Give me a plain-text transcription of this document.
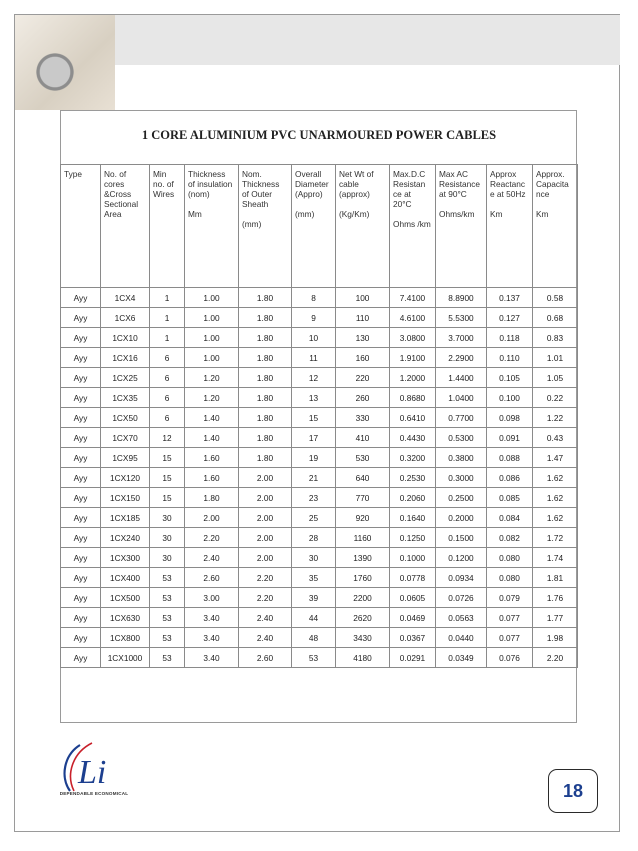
1 CORE ALUMINIUM PVC UNARMOURED POWER CABLES
Type	No. of
cores
&Cross
Sectional
Area	Min
no. of
Wires	Thickness
of insulation
(nom)
Mm	Nom.
Thickness
of Outer
Sheath
(mm)	Overall
Diameter
(Appro)
(mm)	Net Wt of
cable
(approx)
(Kg/Km)	Max.D.C
Resistan
ce at
20°C
Ohms /km	Max AC
Resistance
at 90°C
Ohms/km	Approx
Reactanc
e at 50Hz
Km	Approx.
Capacita
nce
Km

Ayy	1CX4	1	1.00	1.80	8	100	7.4100	8.8900	0.137	0.58
Ayy	1CX6	1	1.00	1.80	9	110	4.6100	5.5300	0.127	0.68
Ayy	1CX10	1	1.00	1.80	10	130	3.0800	3.7000	0.118	0.83
Ayy	1CX16	6	1.00	1.80	11	160	1.9100	2.2900	0.110	1.01
Ayy	1CX25	6	1.20	1.80	12	220	1.2000	1.4400	0.105	1.05
Ayy	1CX35	6	1.20	1.80	13	260	0.8680	1.0400	0.100	0.22
Ayy	1CX50	6	1.40	1.80	15	330	0.6410	0.7700	0.098	1.22
Ayy	1CX70	12	1.40	1.80	17	410	0.4430	0.5300	0.091	0.43
Ayy	1CX95	15	1.60	1.80	19	530	0.3200	0.3800	0.088	1.47
Ayy	1CX120	15	1.60	2.00	21	640	0.2530	0.3000	0.086	1.62
Ayy	1CX150	15	1.80	2.00	23	770	0.2060	0.2500	0.085	1.62
Ayy	1CX185	30	2.00	2.00	25	920	0.1640	0.2000	0.084	1.62
Ayy	1CX240	30	2.20	2.00	28	1160	0.1250	0.1500	0.082	1.72
Ayy	1CX300	30	2.40	2.00	30	1390	0.1000	0.1200	0.080	1.74
Ayy	1CX400	53	2.60	2.20	35	1760	0.0778	0.0934	0.080	1.81
Ayy	1CX500	53	3.00	2.20	39	2200	0.0605	0.0726	0.079	1.76
Ayy	1CX630	53	3.40	2.40	44	2620	0.0469	0.0563	0.077	1.77
Ayy	1CX800	53	3.40	2.40	48	3430	0.0367	0.0440	0.077	1.98
Ayy	1CX1000	53	3.40	2.60	53	4180	0.0291	0.0349	0.076	2.20
Li
DEPENDABLE ECONOMICAL	18
